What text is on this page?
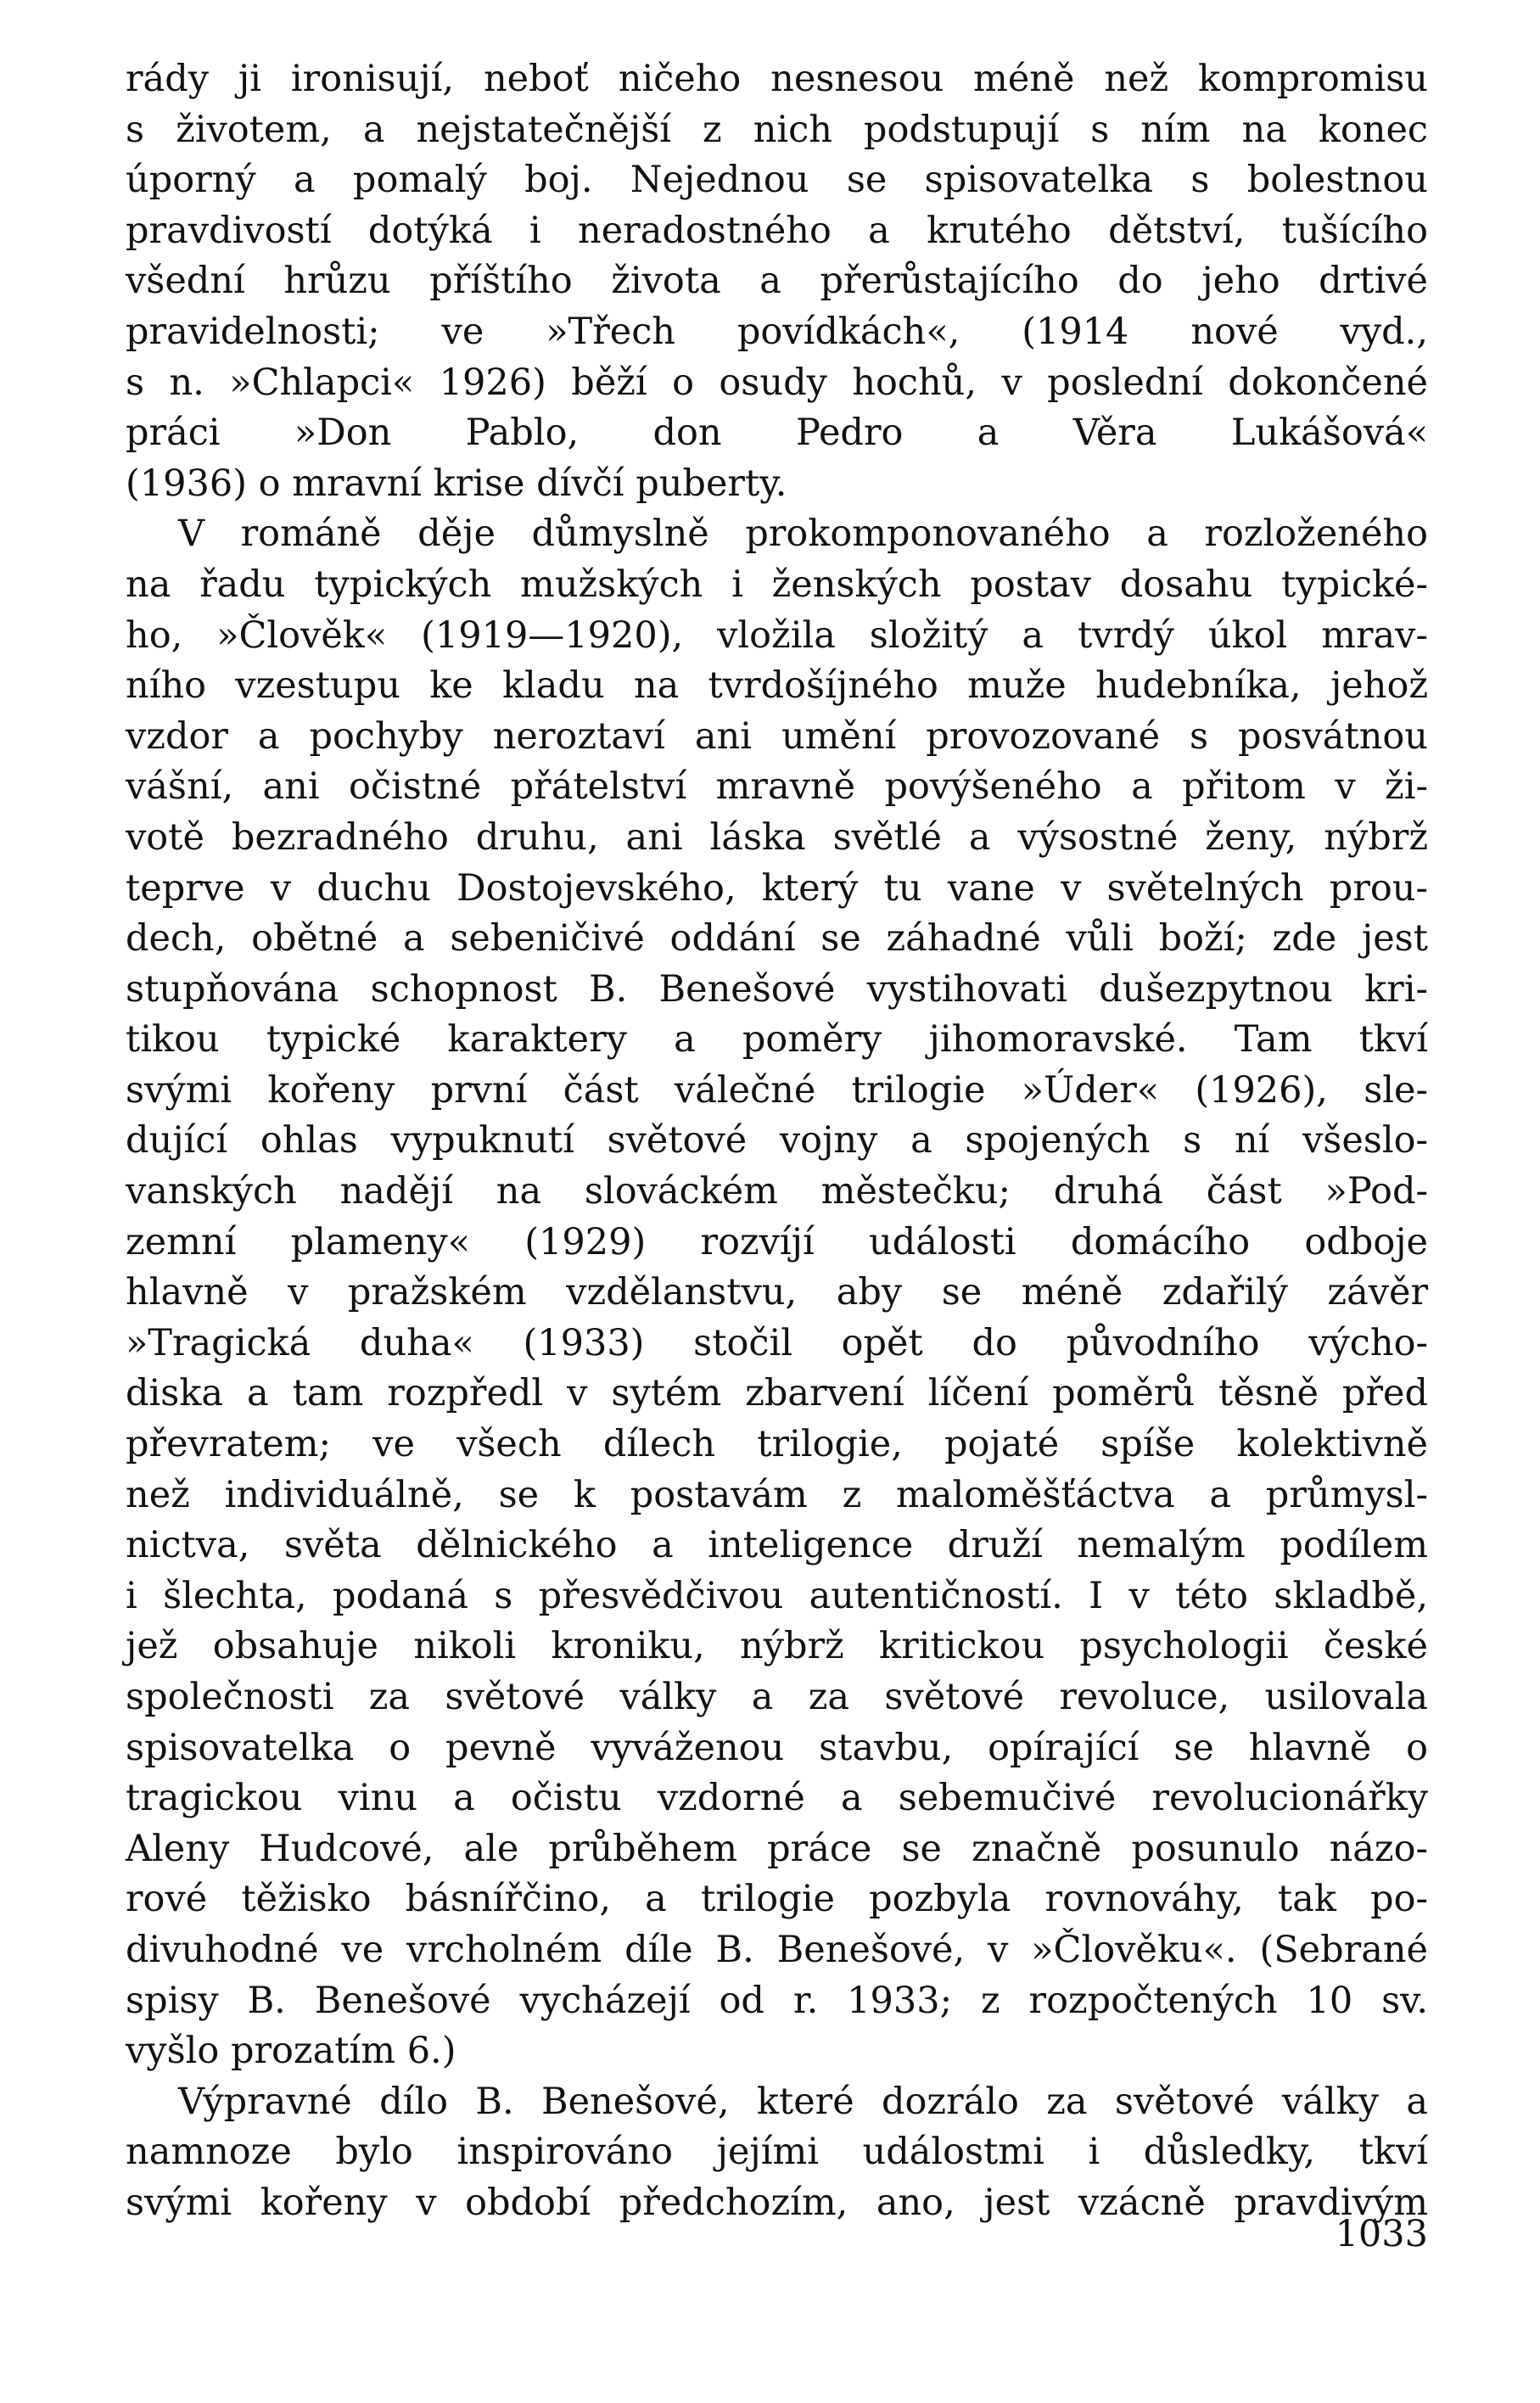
rády ji ironisují, neboť ničeho nesnesou méně než kompromisu
s životem, a nejstatečnější z nich podstupují s ním na konec
úporný a pomalý boj. Nejednou se spisovatelka s bolestnou
pravdivostí dotýká i neradostného a krutého dětství, tušícího
všední hrůzu příštího života a přerůstajícího do jeho drtivé
pravidelnosti; ve »Třech povídkách«, (1914 nové vyd.,
s n. »Chlapci« 1926) běží o osudy hochů, v poslední dokončené
práci »Don Pablo, don Pedro a Věra Lukášová«
(1936) o mravní krise dívčí puberty.

V románě děje důmyslně prokomponovaného a rozloženého
na řadu typických mužských i ženských postav dosahu typické-
ho, »Člověk« (1919—1920), vložila složitý a tvrdý úkol mrav-
ního vzestupu ke kladu na tvrdošíjného muže hudebníka, jehož
vzdor a pochyby neroztaví ani umění provozované s posvátnou
vášní, ani očistné přátelství mravně povýšeného a přitom v ži-
votě bezradného druhu, ani láska světlé a výsostné ženy, nýbrž
teprve v duchu Dostojevského, který tu vane v světelných prou-
dech, obětné a sebeničivé oddání se záhadné vůli boží; zde jest
stupňována schopnost B. Benešové vystihovati dušezpytnou kri-
tikou typické karaktery a poměry jihomoravské. Tam tkví
svými kořeny první část válečné trilogie »Úder« (1926), sle-
dující ohlas vypuknutí světové vojny a spojených s ní všeslo-
vanských nadějí na slováckém městečku; druhá část »Pod-
zemní plameny« (1929) rozvíjí události domácího odboje
hlavně v pražském vzdělanstvu, aby se méně zdařilý závěr
»Tragická duha« (1933) stočil opět do původního výcho-
diska a tam rozpředl v sytém zbarvení líčení poměrů těsně před
převratem; ve všech dílech trilogie, pojaté spíše kolektivně
než individuálně, se k postavám z maloměšťáctva a průmysl-
nictva, světa dělnického a inteligence druží nemalým podílem
i šlechta, podaná s přesvědčivou autentičností. I v této skladbě,
jež obsahuje nikoli kroniku, nýbrž kritickou psychologii české
společnosti za světové války a za světové revoluce, usilovala
spisovatelka o pevně vyváženou stavbu, opírající se hlavně o
tragickou vinu a očistu vzdorné a sebemučivé revolucionářky
Aleny Hudcové, ale průběhem práce se značně posunulo názo-
rové těžisko básnířčino, a trilogie pozbyla rovnováhy, tak po-
divuhodné ve vrcholném díle B. Benešové, v »Člověku«. (Sebrané
spisy B. Benešové vycházejí od r. 1933; z rozpočtených 10 sv.
vyšlo prozatím 6.)

Výpravné dílo B. Benešové, které dozrálo za světové války a
namnoze bylo inspirováno jejími událostmi i důsledky, tkví
svými kořeny v období předchozím, ano, jest vzácně pravdivým

1033
